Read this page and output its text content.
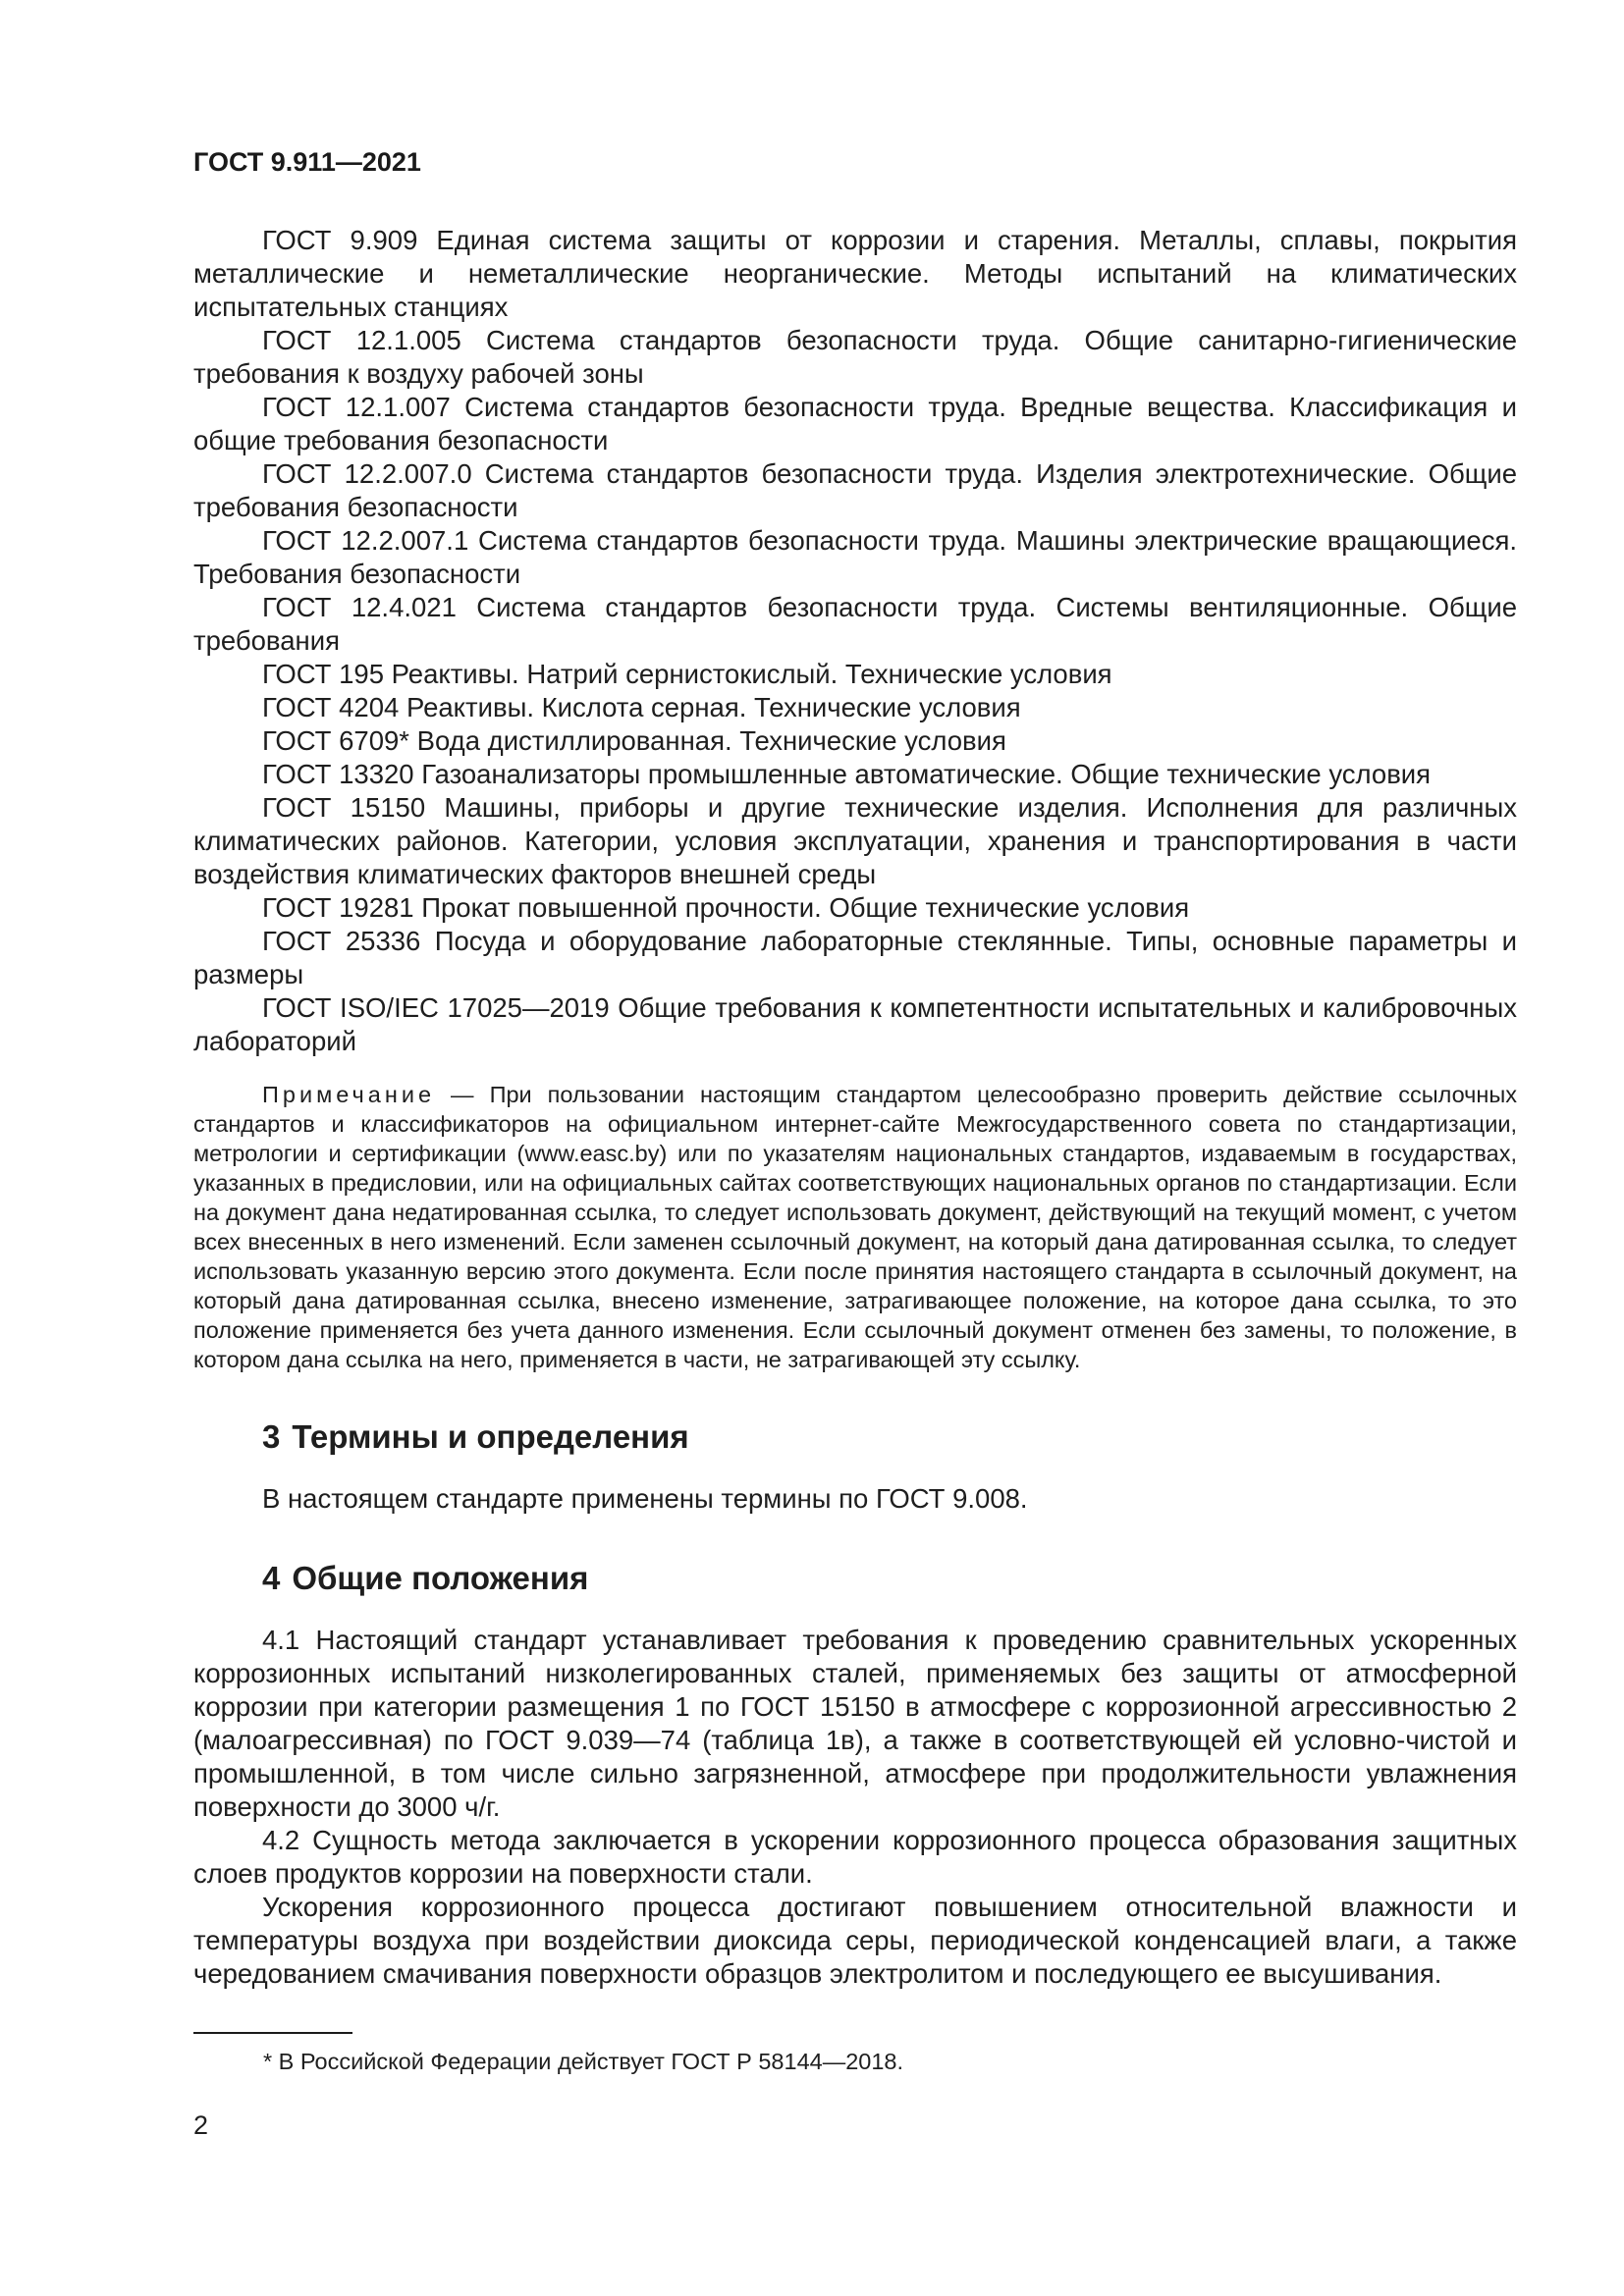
ГОСТ 9.911—2021

ГОСТ 9.909 Единая система защиты от коррозии и старения. Металлы, сплавы, покрытия металлические и неметаллические неорганические. Методы испытаний на климатических испытательных станциях

ГОСТ 12.1.005 Система стандартов безопасности труда. Общие санитарно-гигиенические требования к воздуху рабочей зоны

ГОСТ 12.1.007 Система стандартов безопасности труда. Вредные вещества. Классификация и общие требования безопасности

ГОСТ 12.2.007.0 Система стандартов безопасности труда. Изделия электротехнические. Общие требования безопасности

ГОСТ 12.2.007.1 Система стандартов безопасности труда. Машины электрические вращающиеся. Требования безопасности

ГОСТ 12.4.021 Система стандартов безопасности труда. Системы вентиляционные. Общие требования

ГОСТ 195 Реактивы. Натрий сернистокислый. Технические условия

ГОСТ 4204 Реактивы. Кислота серная. Технические условия

ГОСТ 6709* Вода дистиллированная. Технические условия

ГОСТ 13320 Газоанализаторы промышленные автоматические. Общие технические условия

ГОСТ 15150 Машины, приборы и другие технические изделия. Исполнения для различных климатических районов. Категории, условия эксплуатации, хранения и транспортирования в части воздействия климатических факторов внешней среды

ГОСТ 19281 Прокат повышенной прочности. Общие технические условия

ГОСТ 25336 Посуда и оборудование лабораторные стеклянные. Типы, основные параметры и размеры

ГОСТ ISO/IEC 17025—2019 Общие требования к компетентности испытательных и калибровочных лабораторий

Примечание — При пользовании настоящим стандартом целесообразно проверить действие ссылочных стандартов и классификаторов на официальном интернет-сайте Межгосударственного совета по стандартизации, метрологии и сертификации (www.easc.by) или по указателям национальных стандартов, издаваемым в государствах, указанных в предисловии, или на официальных сайтах соответствующих национальных органов по стандартизации. Если на документ дана недатированная ссылка, то следует использовать документ, действующий на текущий момент, с учетом всех внесенных в него изменений. Если заменен ссылочный документ, на который дана датированная ссылка, то следует использовать указанную версию этого документа. Если после принятия настоящего стандарта в ссылочный документ, на который дана датированная ссылка, внесено изменение, затрагивающее положение, на которое дана ссылка, то это положение применяется без учета данного изменения. Если ссылочный документ отменен без замены, то положение, в котором дана ссылка на него, применяется в части, не затрагивающей эту ссылку.

3 Термины и определения

В настоящем стандарте применены термины по ГОСТ 9.008.

4 Общие положения

4.1 Настоящий стандарт устанавливает требования к проведению сравнительных ускоренных коррозионных испытаний низколегированных сталей, применяемых без защиты от атмосферной коррозии при категории размещения 1 по ГОСТ 15150 в атмосфере с коррозионной агрессивностью 2 (малоагрессивная) по ГОСТ 9.039—74 (таблица 1в), а также в соответствующей ей условно-чистой и промышленной, в том числе сильно загрязненной, атмосфере при продолжительности увлажнения поверхности до 3000 ч/г.

4.2 Сущность метода заключается в ускорении коррозионного процесса образования защитных слоев продуктов коррозии на поверхности стали.

Ускорения коррозионного процесса достигают повышением относительной влажности и температуры воздуха при воздействии диоксида серы, периодической конденсацией влаги, а также чередованием смачивания поверхности образцов электролитом и последующего ее высушивания.

* В Российской Федерации действует ГОСТ Р 58144—2018.
2
